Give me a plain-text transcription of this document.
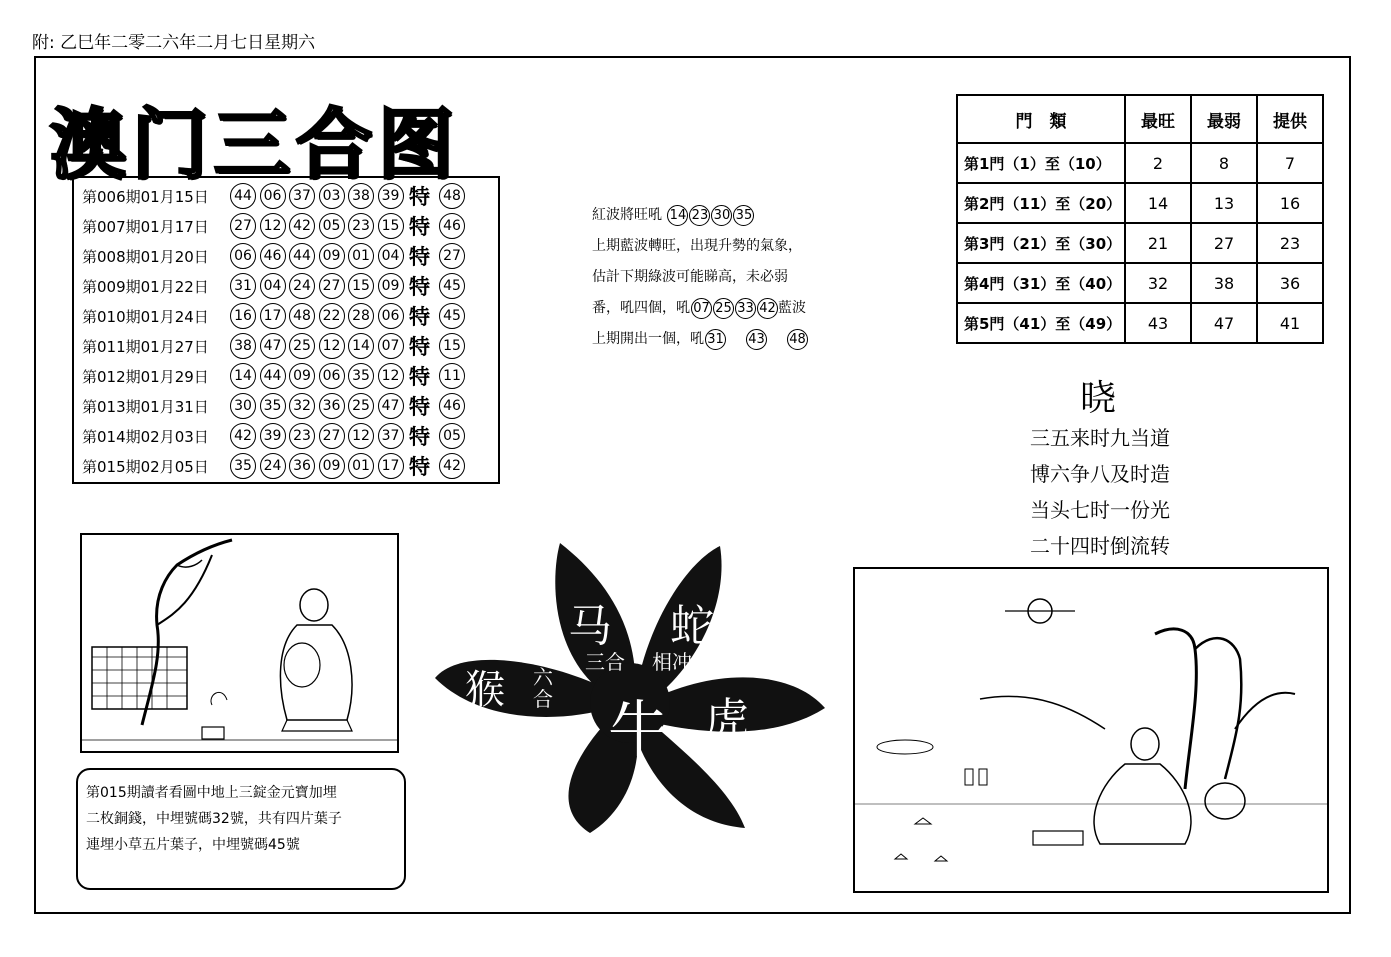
附: 乙巳年二零二六年二月七日星期六
澳门三合图
第006期01月15日	44 06 37 03 38 39 特 48
第007期01月17日	27 12 42 05 23 15 特 46
第008期01月20日	06 46 44 09 01 04 特 27
第009期01月22日	31 04 24 27 15 09 特 45
第010期01月24日	16 17 48 22 28 06 特 45
第011期01月27日	38 47 25 12 14 07 特 15
第012期01月29日	14 44 09 06 35 12 特 11
第013期01月31日	30 35 32 36 25 47 特 46
第014期02月03日	42 39 23 27 12 37 特 05
第015期02月05日	35 24 36 09 01 17 特 42
紅波將旺吼 14 23 30 35
上期藍波轉旺，出現升勢的氣象，
估計下期綠波可能睇高，未必弱
番，吼四個，吼 07 25 33 42 藍波
上期開出一個，吼 31 43 48
門　類	最旺	最弱	提供
第1門（1）至（10）	2	8	7
第2門（11）至（20）	14	13	16
第3門（21）至（30）	21	27	23
第4門（31）至（40）	32	38	36
第5門（41）至（49）	43	47	41
晓
三五来时九当道
博六争八及时造
当头七时一份光
二十四时倒流转
第015期讀者看圖中地上三錠金元寶加埋
二枚銅錢，中埋號碼32號，共有四片葉子
連埋小草五片葉子，中埋號碼45號
马 蛇
三合 相冲
猴 六合 牛 虎
